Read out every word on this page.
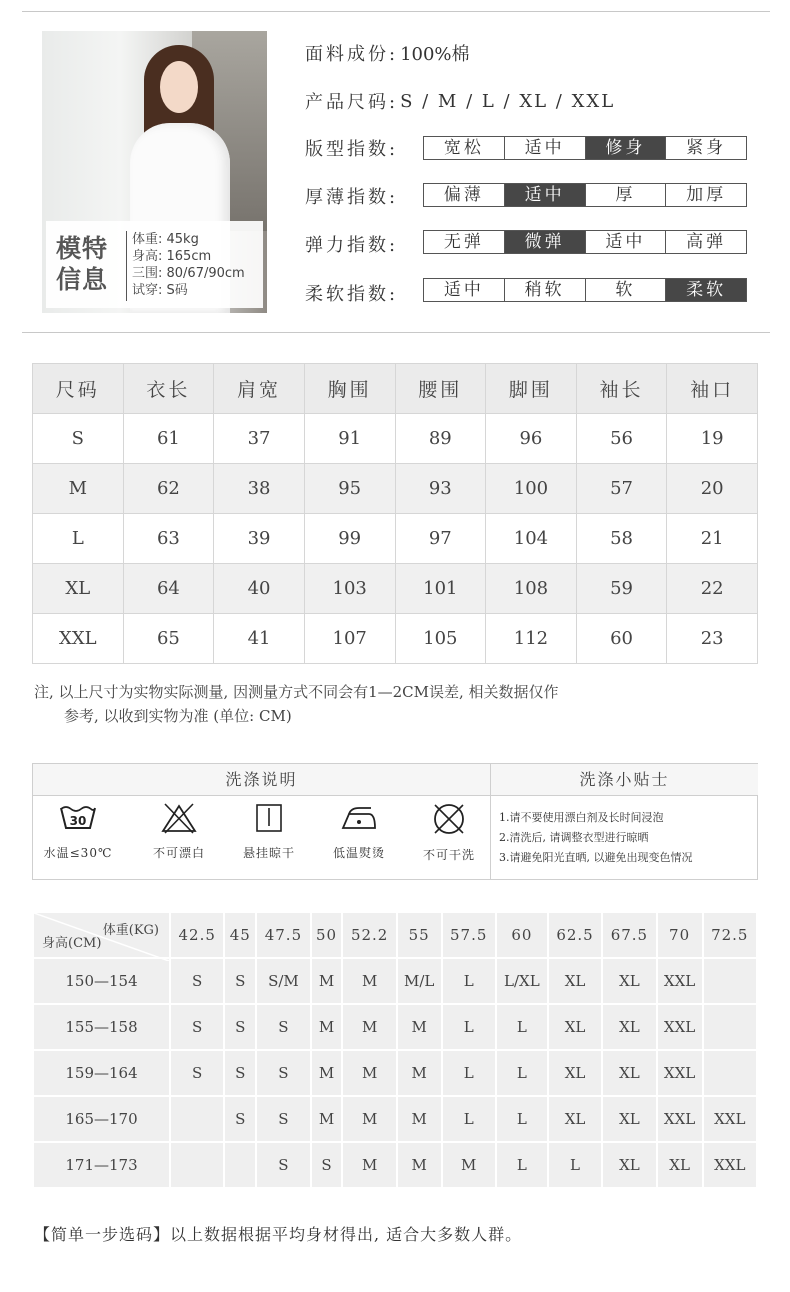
模特
信息
体重: 45kg
身高: 165cm
三围: 80/67/90cm
试穿: S码
面料成份: 100%棉
产品尺码: S / M / L / XL / XXL
版型指数:	宽松	适中	修身	紧身
厚薄指数:	偏薄	适中	厚	加厚
弹力指数:	无弹	微弹	适中	高弹
柔软指数:	适中	稍软	软	柔软
尺码	衣长	肩宽	胸围	腰围	脚围	袖长	袖口
S	61	37	91	89	96	56	19
M	62	38	95	93	100	57	20
L	63	39	99	97	104	58	21
XL	64	40	103	101	108	59	22
XXL	65	41	107	105	112	60	23
注, 以上尺寸为实物实际测量, 因测量方式不同会有1—2CM误差, 相关数据仅作
参考, 以收到实物为准 (单位: CM)
洗涤说明	洗涤小贴士
30
水温≤30℃	不可漂白	悬挂晾干	低温熨烫	不可干洗
1.请不要使用漂白剂及长时间浸泡
2.清洗后, 请调整衣型进行晾晒
3.请避免阳光直晒, 以避免出现变色情况
体重(KG)
身高(CM)	42.5	45	47.5	50	52.2	55	57.5	60	62.5	67.5	70	72.5
150—154	S	S	S/M	M	M	M/L	L	L/XL	XL	XL	XXL	
155—158	S	S	S	M	M	M	L	L	XL	XL	XXL	
159—164	S	S	S	M	M	M	L	L	XL	XL	XXL	
165—170		S	S	M	M	M	L	L	XL	XL	XXL	XXL
171—173			S	S	M	M	M	L	L	XL	XL	XXL
【简单一步选码】以上数据根据平均身材得出, 适合大多数人群。
